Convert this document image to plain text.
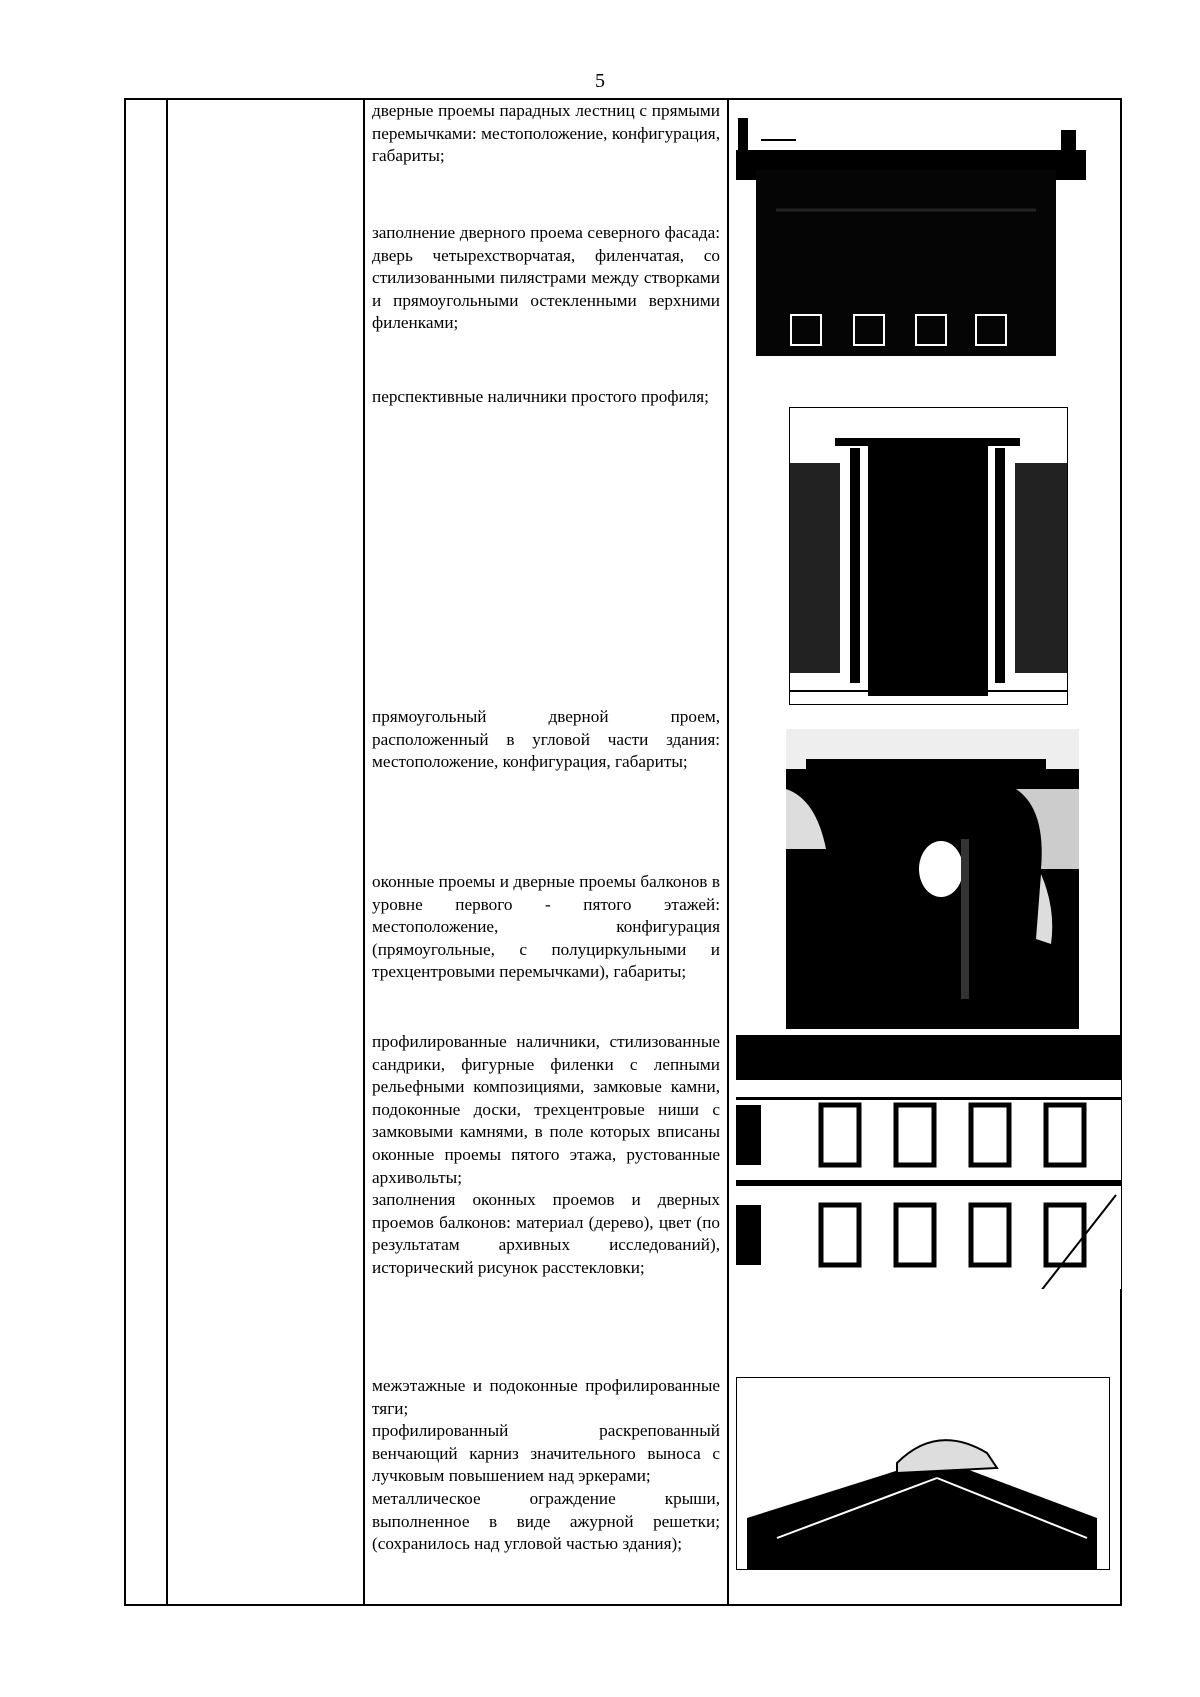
5

дверные проемы парадных лестниц с прямыми перемычками: местоположение, конфигурация, габариты;

заполнение дверного проема северного фасада: дверь четырехстворчатая, филенчатая, со стилизованными пилястрами между створками и прямоугольными остекленными верхними филенками;

перспективные наличники простого профиля;

прямоугольный дверной проем, расположенный в угловой части здания: местоположение, конфигурация, габариты;

оконные проемы и дверные проемы балконов в уровне первого - пятого этажей: местоположение, конфигурация (прямоугольные, с полуциркульными и трехцентровыми перемычками), габариты;

профилированные наличники, стилизованные сандрики, фигурные филенки с лепными рельефными композициями, замковые камни, подоконные доски, трехцентровые ниши с замковыми камнями, в поле которых вписаны оконные проемы пятого этажа, рустованные архивольты;

заполнения оконных проемов и дверных проемов балконов: материал (дерево), цвет (по результатам архивных исследований), исторический рисунок расстекловки;

межэтажные и подоконные профилированные тяги;

профилированный раскрепованный венчающий карниз значительного выноса с лучковым повышением над эркерами;

металлическое ограждение крыши, выполненное в виде ажурной решетки; (сохранилось над угловой частью здания);
